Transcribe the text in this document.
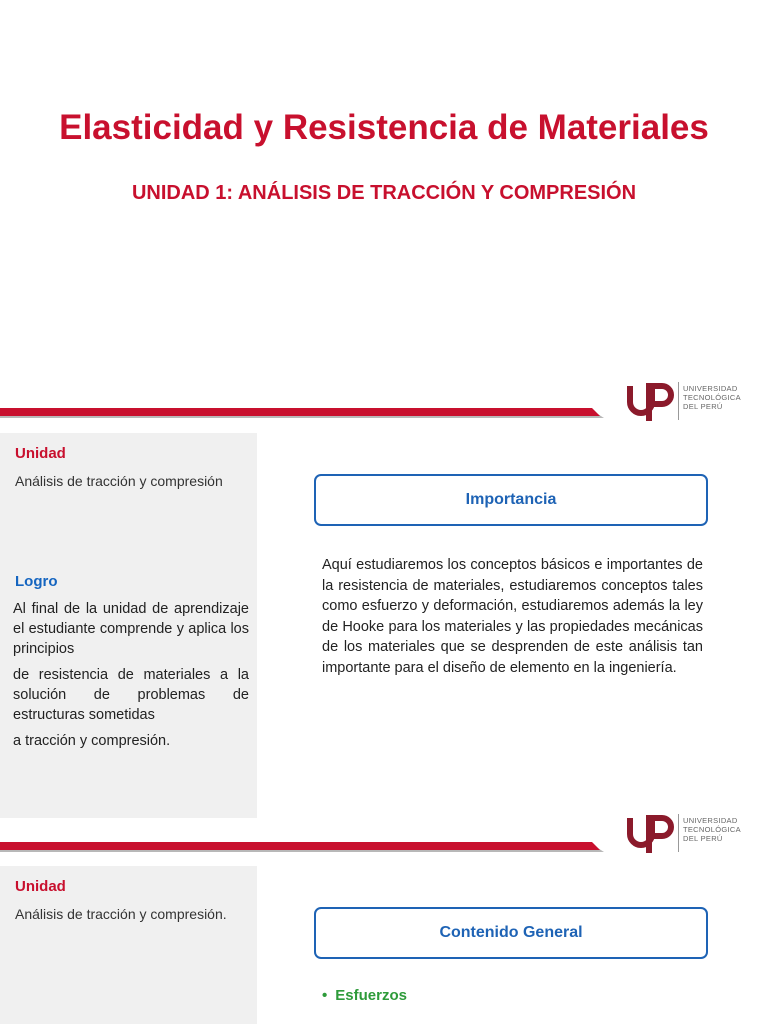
Elasticidad y Resistencia de Materiales
UNIDAD 1: ANÁLISIS DE TRACCIÓN Y COMPRESIÓN
UNIVERSIDAD
TECNOLÓGICA
DEL PERÚ
Unidad
Análisis de tracción y compresión
Logro
Al final de la unidad de aprendizaje el estudiante comprende y aplica los principios
de resistencia de materiales a la solución de problemas de estructuras sometidas
a tracción y compresión.
Importancia
Aquí estudiaremos los conceptos básicos e importantes de la resistencia de materiales, estudiaremos conceptos tales como esfuerzo y deformación, estudiaremos además la ley de Hooke para los materiales y las propiedades mecánicas de los materiales que se desprenden de este análisis tan importante para el diseño de elemento en la ingeniería.
UNIVERSIDAD
TECNOLÓGICA
DEL PERÚ
Unidad
Análisis de tracción y compresión.
Contenido General
• Esfuerzos
